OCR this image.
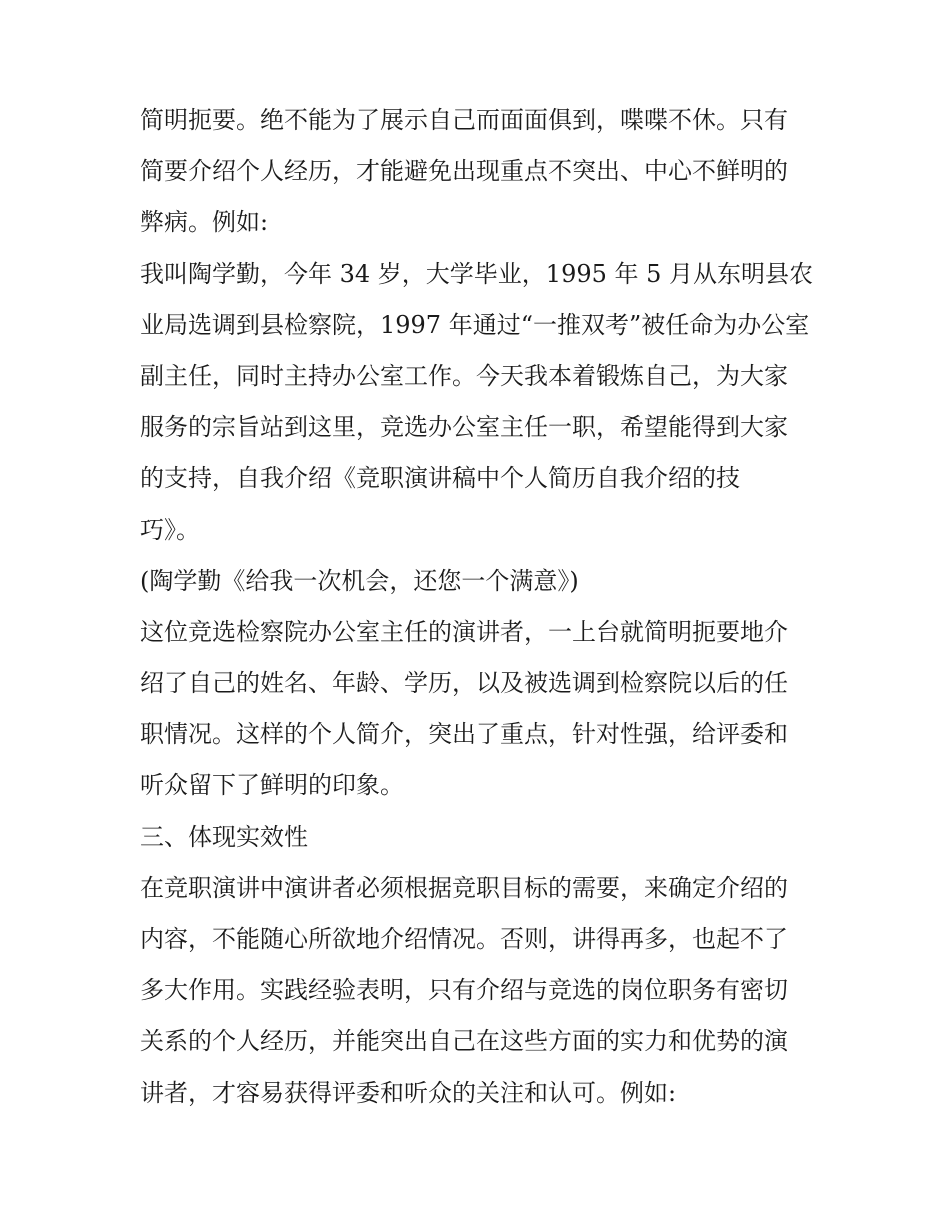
简明扼要。绝不能为了展示自己而面面俱到，喋喋不休。只有
简要介绍个人经历，才能避免出现重点不突出、中心不鲜明的
弊病。例如:
我叫陶学勤，今年 34 岁，大学毕业，1995 年 5 月从东明县农
业局选调到县检察院，1997 年通过“一推双考”被任命为办公室
副主任，同时主持办公室工作。今天我本着锻炼自己，为大家
服务的宗旨站到这里，竞选办公室主任一职，希望能得到大家
的支持，自我介绍《竞职演讲稿中个人简历自我介绍的技
巧》。
(陶学勤《给我一次机会，还您一个满意》)
这位竞选检察院办公室主任的演讲者，一上台就简明扼要地介
绍了自己的姓名、年龄、学历，以及被选调到检察院以后的任
职情况。这样的个人简介，突出了重点，针对性强，给评委和
听众留下了鲜明的印象。
三、体现实效性
在竞职演讲中演讲者必须根据竞职目标的需要，来确定介绍的
内容，不能随心所欲地介绍情况。否则，讲得再多，也起不了
多大作用。实践经验表明，只有介绍与竞选的岗位职务有密切
关系的个人经历，并能突出自己在这些方面的实力和优势的演
讲者，才容易获得评委和听众的关注和认可。例如:
